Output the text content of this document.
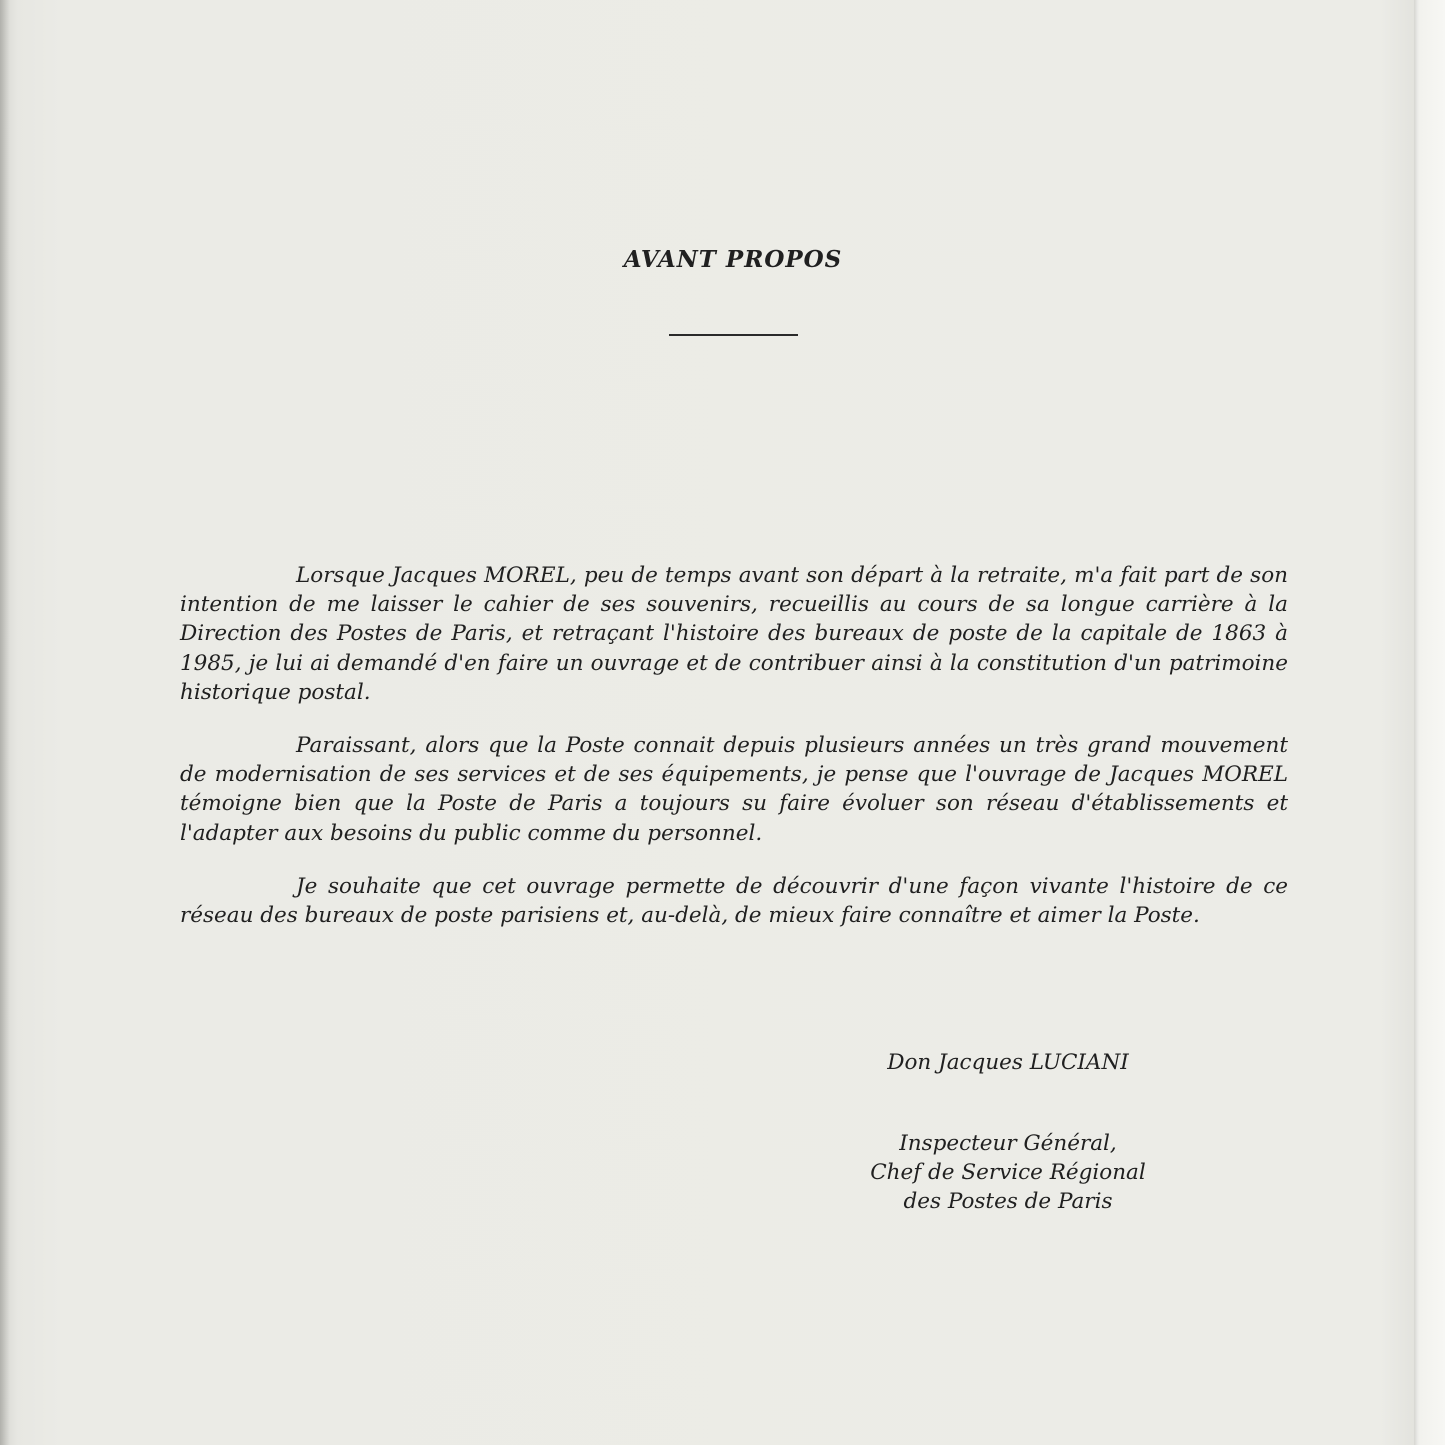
AVANT PROPOS

Lorsque Jacques MOREL, peu de temps avant son départ à la retraite, m'a fait part de son intention de me laisser le cahier de ses souvenirs, recueillis au cours de sa longue carrière à la Direction des Postes de Paris, et retraçant l'histoire des bureaux de poste de la capitale de 1863 à 1985, je lui ai demandé d'en faire un ouvrage et de contribuer ainsi à la constitution d'un patrimoine historique postal.

Paraissant, alors que la Poste connait depuis plusieurs années un très grand mouvement de modernisation de ses services et de ses équipements, je pense que l'ouvrage de Jacques MOREL témoigne bien que la Poste de Paris a toujours su faire évoluer son réseau d'établissements et l'adapter aux besoins du public comme du personnel.

Je souhaite que cet ouvrage permette de découvrir d'une façon vivante l'histoire de ce réseau des bureaux de poste parisiens et, au-delà, de mieux faire connaître et aimer la Poste.

Don Jacques LUCIANI
Inspecteur Général,
Chef de Service Régional
des Postes de Paris
